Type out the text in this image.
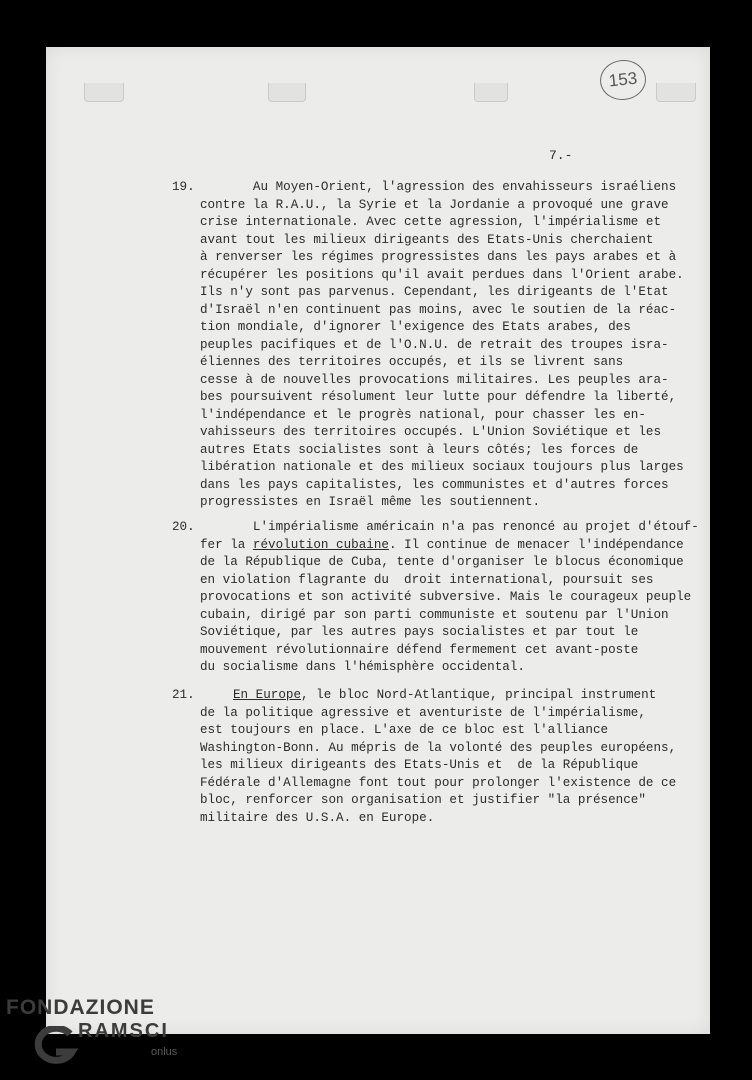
153
7.-
19. Au Moyen-Orient, l'agression des envahisseurs israéliens
contre la R.A.U., la Syrie et la Jordanie a provoqué une grave
crise internationale. Avec cette agression, l'impérialisme et
avant tout les milieux dirigeants des Etats-Unis cherchaient
à renverser les régimes progressistes dans les pays arabes et à
récupérer les positions qu'il avait perdues dans l'Orient arabe.
Ils n'y sont pas parvenus. Cependant, les dirigeants de l'Etat
d'Israël n'en continuent pas moins, avec le soutien de la réac-
tion mondiale, d'ignorer l'exigence des Etats arabes, des
peuples pacifiques et de l'O.N.U. de retrait des troupes isra-
éliennes des territoires occupés, et ils se livrent sans
cesse à de nouvelles provocations militaires. Les peuples ara-
bes poursuivent résolument leur lutte pour défendre la liberté,
l'indépendance et le progrès national, pour chasser les en-
vahisseurs des territoires occupés. L'Union Soviétique et les
autres Etats socialistes sont à leurs côtés; les forces de
libération nationale et des milieux sociaux toujours plus larges
dans les pays capitalistes, les communistes et d'autres forces
progressistes en Israël même les soutiennent.
20. L'impérialisme américain n'a pas renoncé au projet d'étouf-
fer la révolution cubaine. Il continue de menacer l'indépendance
de la République de Cuba, tente d'organiser le blocus économique
en violation flagrante du  droit international, poursuit ses
provocations et son activité subversive. Mais le courageux peuple
cubain, dirigé par son parti communiste et soutenu par l'Union
Soviétique, par les autres pays socialistes et par tout le
mouvement révolutionnaire défend fermement cet avant-poste
du socialisme dans l'hémisphère occidental.
21.	En Europe, le bloc Nord-Atlantique, principal instrument
de la politique agressive et aventuriste de l'impérialisme,
est toujours en place. L'axe de ce bloc est l'alliance
Washington-Bonn. Au mépris de la volonté des peuples européens,
les milieux dirigeants des Etats-Unis et  de la République
Fédérale d'Allemagne font tout pour prolonger l'existence de ce
bloc, renforcer son organisation et justifier "la présence"
militaire des U.S.A. en Europe.
FONDAZIONE
RAMSCI
onlus
